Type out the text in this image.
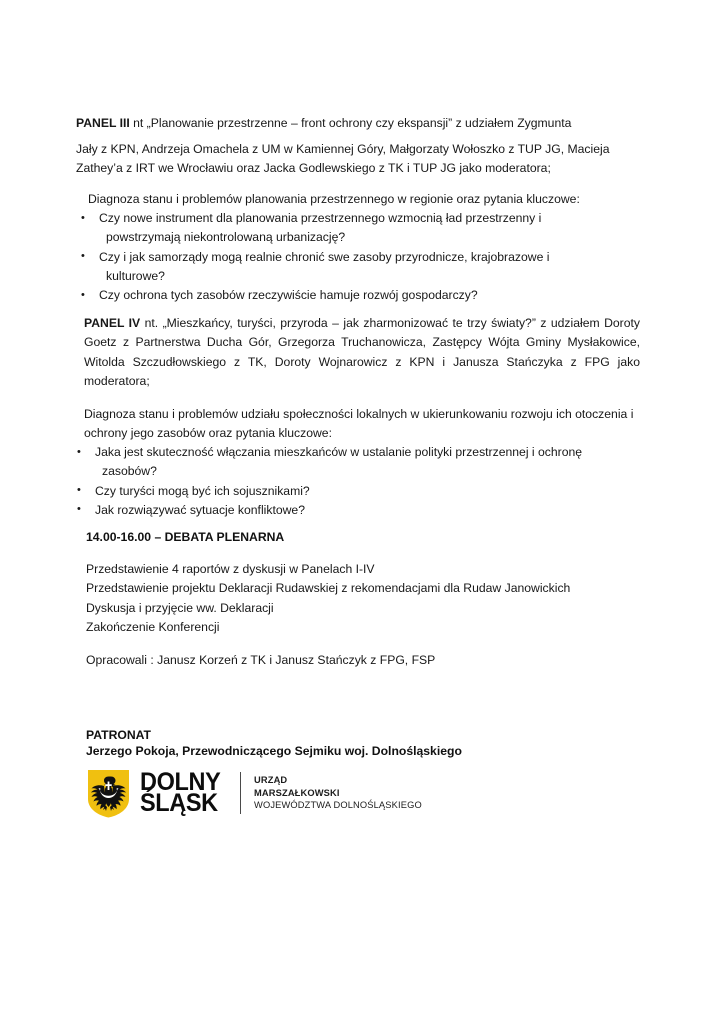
PANEL III nt „Planowanie przestrzenne – front ochrony czy ekspansji” z udziałem Zygmunta
Jały z KPN, Andrzeja Omachela z UM w Kamiennej Góry, Małgorzaty Wołoszko z TUP JG, Macieja Zathey’a z IRT we Wrocławiu oraz Jacka Godlewskiego z TK i TUP JG jako moderatora;
Diagnoza stanu i problemów planowania przestrzennego w regionie oraz pytania kluczowe:
• Czy nowe instrument dla planowania przestrzennego wzmocnią ład przestrzenny i powstrzymają niekontrolowaną urbanizację?
• Czy i jak samorządy mogą realnie chronić swe zasoby przyrodnicze, krajobrazowe i kulturowe?
• Czy ochrona tych zasobów rzeczywiście hamuje rozwój gospodarczy?
PANEL IV nt. „Mieszkańcy, turyści, przyroda – jak zharmonizować te trzy światy?” z udziałem Doroty Goetz z Partnerstwa Ducha Gór, Grzegorza Truchanowicza, Zastępcy Wójta Gminy Mysłakowice, Witolda Szczudłowskiego z TK, Doroty Wojnarowicz z KPN i Janusza Stańczyka z FPG jako moderatora;
Diagnoza stanu i problemów udziału społeczności lokalnych w ukierunkowaniu rozwoju ich otoczenia i ochrony jego zasobów oraz pytania kluczowe:
• Jaka jest skuteczność włączania mieszkańców w ustalanie polityki przestrzennej i ochronę zasobów?
• Czy turyści mogą być ich sojusznikami?
• Jak rozwiązywać sytuacje konfliktowe?
14.00-16.00 – DEBATA PLENARNA
Przedstawienie 4 raportów z dyskusji w Panelach I-IV
Przedstawienie projektu Deklaracji Rudawskiej z rekomendacjami dla Rudaw Janowickich
Dyskusja i przyjęcie ww. Deklaracji
Zakończenie Konferencji
Opracowali : Janusz Korzeń z TK i Janusz Stańczyk z FPG, FSP
PATRONAT
Jerzego Pokoja, Przewodniczącego Sejmiku woj. Dolnośląskiego
DOLNY
ŚLĄSK
URZĄD
MARSZAŁKOWSKI
WOJEWÓDZTWA DOLNOŚLĄSKIEGO
